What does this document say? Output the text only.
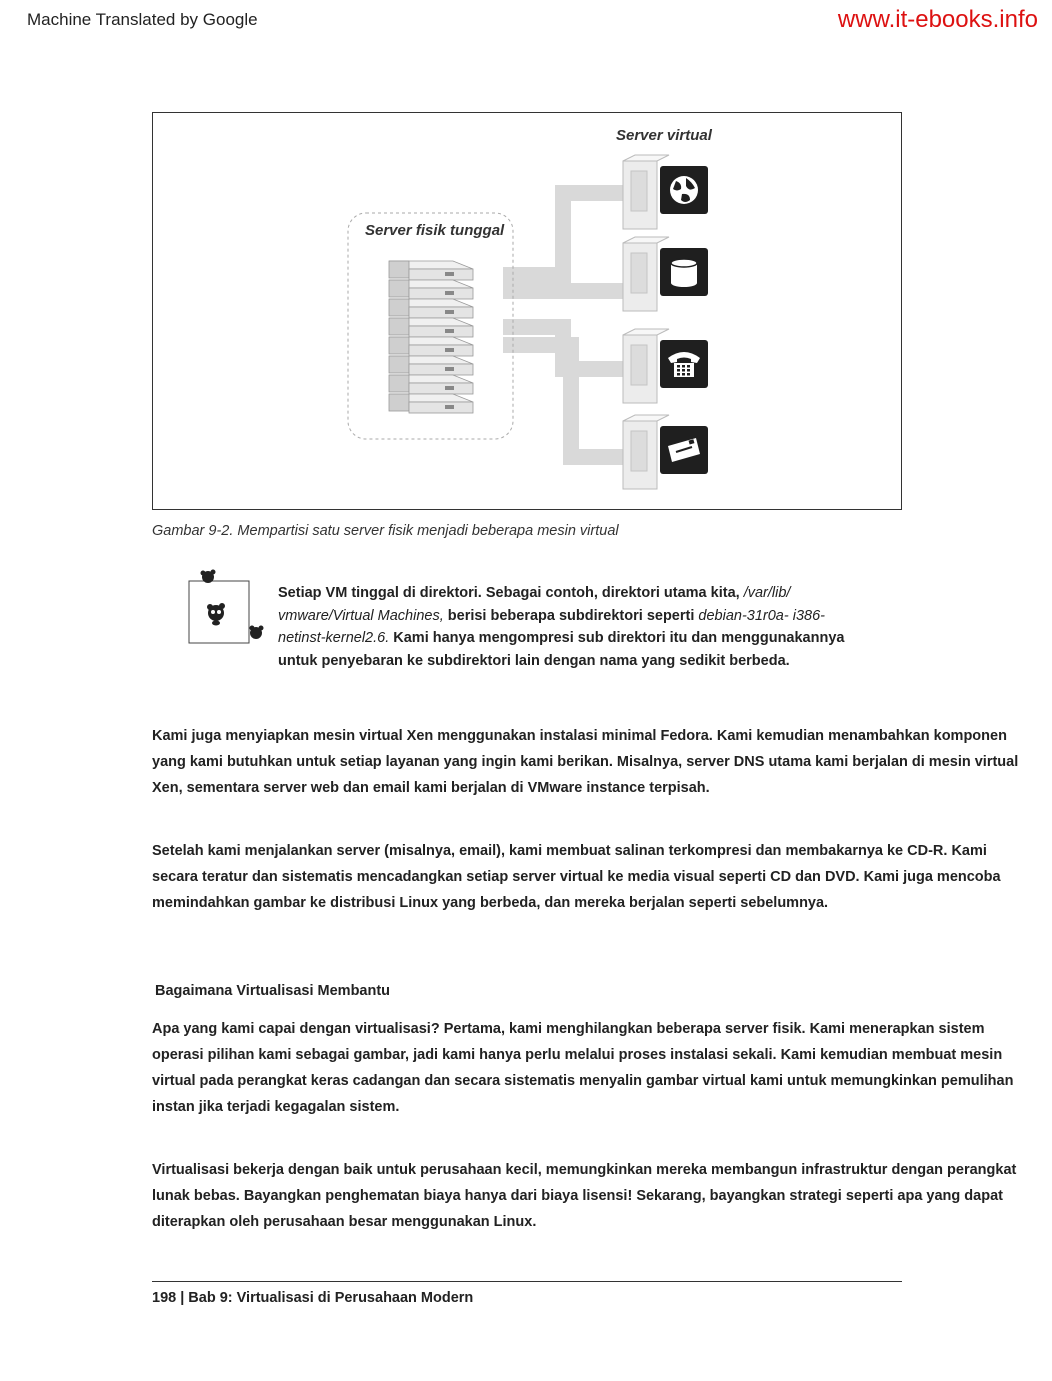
Machine Translated by Google	www.it-ebooks.info
Server virtual
Server fisik tunggal
Gambar 9-2. Mempartisi satu server fisik menjadi beberapa mesin virtual
Setiap VM tinggal di direktori. Sebagai contoh, direktori utama kita, /var/lib/ vmware/Virtual Machines, berisi beberapa subdirektori seperti debian-31r0a- i386-netinst-kernel2.6. Kami hanya mengompresi sub direktori itu dan menggunakannya untuk penyebaran ke subdirektori lain dengan nama yang sedikit berbeda.

Kami juga menyiapkan mesin virtual Xen menggunakan instalasi minimal Fedora. Kami kemudian menambahkan komponen yang kami butuhkan untuk setiap layanan yang ingin kami berikan. Misalnya, server DNS utama kami berjalan di mesin virtual Xen, sementara server web dan email kami berjalan di VMware instance terpisah.

Setelah kami menjalankan server (misalnya, email), kami membuat salinan terkompresi dan membakarnya ke CD-R. Kami secara teratur dan sistematis mencadangkan setiap server virtual ke media visual seperti CD dan DVD. Kami juga mencoba memindahkan gambar ke distribusi Linux yang berbeda, dan mereka berjalan seperti sebelumnya.

Bagaimana Virtualisasi Membantu

Apa yang kami capai dengan virtualisasi? Pertama, kami menghilangkan beberapa server fisik. Kami menerapkan sistem operasi pilihan kami sebagai gambar, jadi kami hanya perlu melalui proses instalasi sekali. Kami kemudian membuat mesin virtual pada perangkat keras cadangan dan secara sistematis menyalin gambar virtual kami untuk memungkinkan pemulihan instan jika terjadi kegagalan sistem.

Virtualisasi bekerja dengan baik untuk perusahaan kecil, memungkinkan mereka membangun infrastruktur dengan perangkat lunak bebas. Bayangkan penghematan biaya hanya dari biaya lisensi! Sekarang, bayangkan strategi seperti apa yang dapat diterapkan oleh perusahaan besar menggunakan Linux.

198 | Bab 9: Virtualisasi di Perusahaan Modern
